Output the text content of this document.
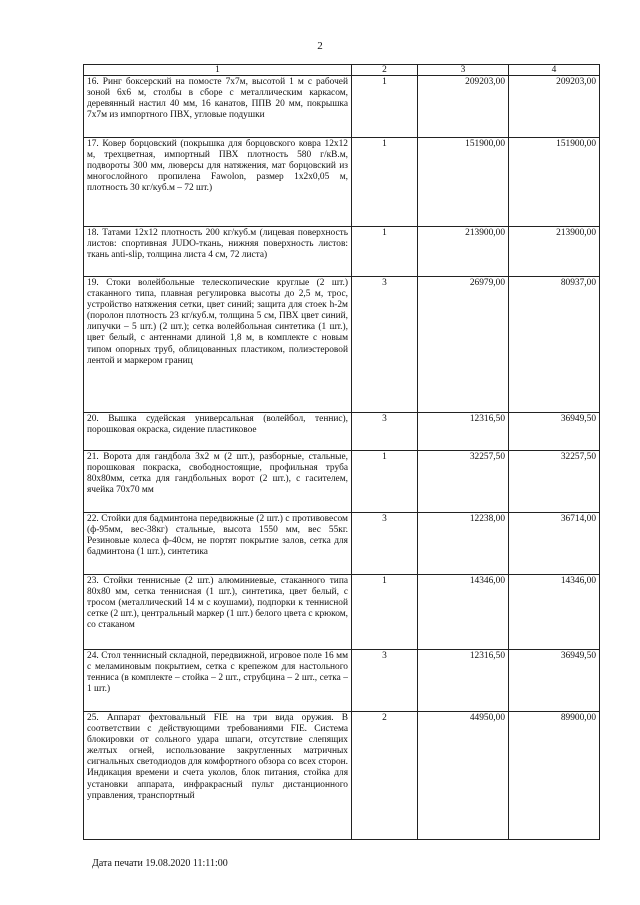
2
1	2	3	4
16. Ринг боксерский на помосте 7х7м, высотой 1 м с рабочей зоной 6х6 м, столбы в сборе с металлическим каркасом, деревянный настил 40 мм, 16 канатов, ППВ 20 мм, покрышка 7х7м из импортного ПВХ, угловые подушки	1	209203,00	209203,00
17. Ковер борцовский (покрышка для борцовского ковра 12х12 м, трехцветная, импортный ПВХ плотность 580 г/кВ.м, подвороты 300 мм, люверсы для натяжения, мат борцовский из многослойного пропилена Fawolon, размер 1х2х0,05 м, плотность 30 кг/куб.м – 72 шт.)	1	151900,00	151900,00
18. Татами 12х12 плотность 200 кг/куб.м (лицевая поверхность листов: спортивная JUDO-ткань, нижняя поверхность листов: ткань anti-slip, толщина листа 4 см, 72 листа)	1	213900,00	213900,00
19. Стоки волейбольные телескопические круглые (2 шт.) стаканного типа, плавная регулировка высоты до 2,5 м, трос, устройство натяжения сетки, цвет синий; защита для стоек h-2м (поролон плотность 23 кг/куб.м, толщина 5 см, ПВХ цвет синий, липучки – 5 шт.) (2 шт.); сетка волейбольная синтетика (1 шт.), цвет белый, с антеннами длиной 1,8 м, в комплекте с новым типом опорных труб, облицованных пластиком, полиэстеровой лентой и маркером границ	3	26979,00	80937,00
20. Вышка судейская универсальная (волейбол, теннис), порошковая окраска, сидение пластиковое	3	12316,50	36949,50
21. Ворота для гандбола 3х2 м (2 шт.), разборные, стальные, порошковая покраска, свободностоящие, профильная труба 80х80мм, сетка для гандбольных ворот (2 шт.), с гасителем, ячейка 70х70 мм	1	32257,50	32257,50
22. Стойки для бадминтона передвижные (2 шт.) с противовесом (ф-95мм, вес-38кг) стальные, высота 1550 мм, вес 55кг. Резиновые колеса ф-40см, не портят покрытие залов, сетка для бадминтона (1 шт.), синтетика	3	12238,00	36714,00
23. Стойки теннисные (2 шт.) алюминиевые, стаканного типа 80х80 мм, сетка теннисная (1 шт.), синтетика, цвет белый, с тросом (металлический 14 м с коушами), подпорки к теннисной сетке (2 шт.), центральный маркер (1 шт.) белого цвета с крюком, со стаканом	1	14346,00	14346,00
24. Стол теннисный складной, передвижной, игровое поле 16 мм с меламиновым покрытием, сетка с крепежом для настольного тенниса (в комплекте – стойка – 2 шт., струбцина – 2 шт., сетка – 1 шт.)	3	12316,50	36949,50
25. Аппарат фехтовальный FIE на три вида оружия. В соответствии с действующими требованиями FIE. Система блокировки от сольного удара шпаги, отсутствие слепящих желтых огней, использование закругленных матричных сигнальных светодиодов для комфортного обзора со всех сторон. Индикация времени и счета уколов, блок питания, стойка для установки аппарата, инфракрасный пульт дистанционного управления, транспортный	2	44950,00	89900,00
Дата печати 19.08.2020 11:11:00
